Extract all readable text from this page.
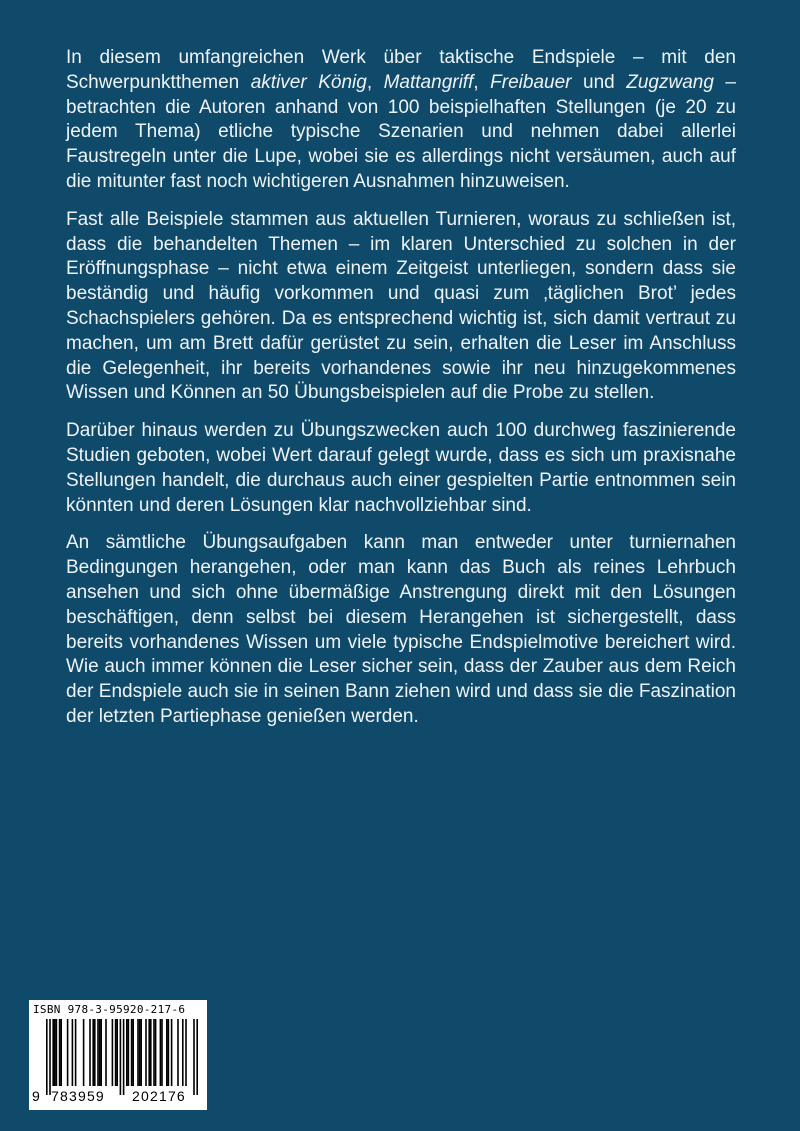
In diesem umfangreichen Werk über taktische Endspiele – mit den Schwerpunktthemen aktiver König, Mattangriff, Freibauer und Zugzwang – betrachten die Autoren anhand von 100 beispielhaften Stellungen (je 20 zu jedem Thema) etliche typische Szenarien und nehmen dabei allerlei Faustregeln unter die Lupe, wobei sie es allerdings nicht versäumen, auch auf die mitunter fast noch wichtigeren Ausnahmen hinzuweisen.

Fast alle Beispiele stammen aus aktuellen Turnieren, woraus zu schließen ist, dass die behandelten Themen – im klaren Unterschied zu solchen in der Eröffnungsphase – nicht etwa einem Zeitgeist unterliegen, sondern dass sie beständig und häufig vorkommen und quasi zum ‚täglichen Brot’ jedes Schachspielers gehören. Da es entsprechend wichtig ist, sich damit vertraut zu machen, um am Brett dafür gerüstet zu sein, erhalten die Leser im Anschluss die Gelegenheit, ihr bereits vorhandenes sowie ihr neu hinzugekommenes Wissen und Können an 50 Übungsbeispielen auf die Probe zu stellen.

Darüber hinaus werden zu Übungszwecken auch 100 durchweg faszinierende Studien geboten, wobei Wert darauf gelegt wurde, dass es sich um praxisnahe Stellungen handelt, die durchaus auch einer gespielten Partie entnommen sein könnten und deren Lösungen klar nachvollziehbar sind.

An sämtliche Übungsaufgaben kann man entweder unter turniernahen Bedingungen herangehen, oder man kann das Buch als reines Lehrbuch ansehen und sich ohne übermäßige Anstrengung direkt mit den Lösungen beschäftigen, denn selbst bei diesem Herangehen ist sichergestellt, dass bereits vorhandenes Wissen um viele typische Endspielmotive bereichert wird. Wie auch immer können die Leser sicher sein, dass der Zauber aus dem Reich der Endspiele auch sie in seinen Bann ziehen wird und dass sie die Faszination der letzten Partiephase genießen werden.

ISBN 978-3-95920-217-6
9 783959 202176
